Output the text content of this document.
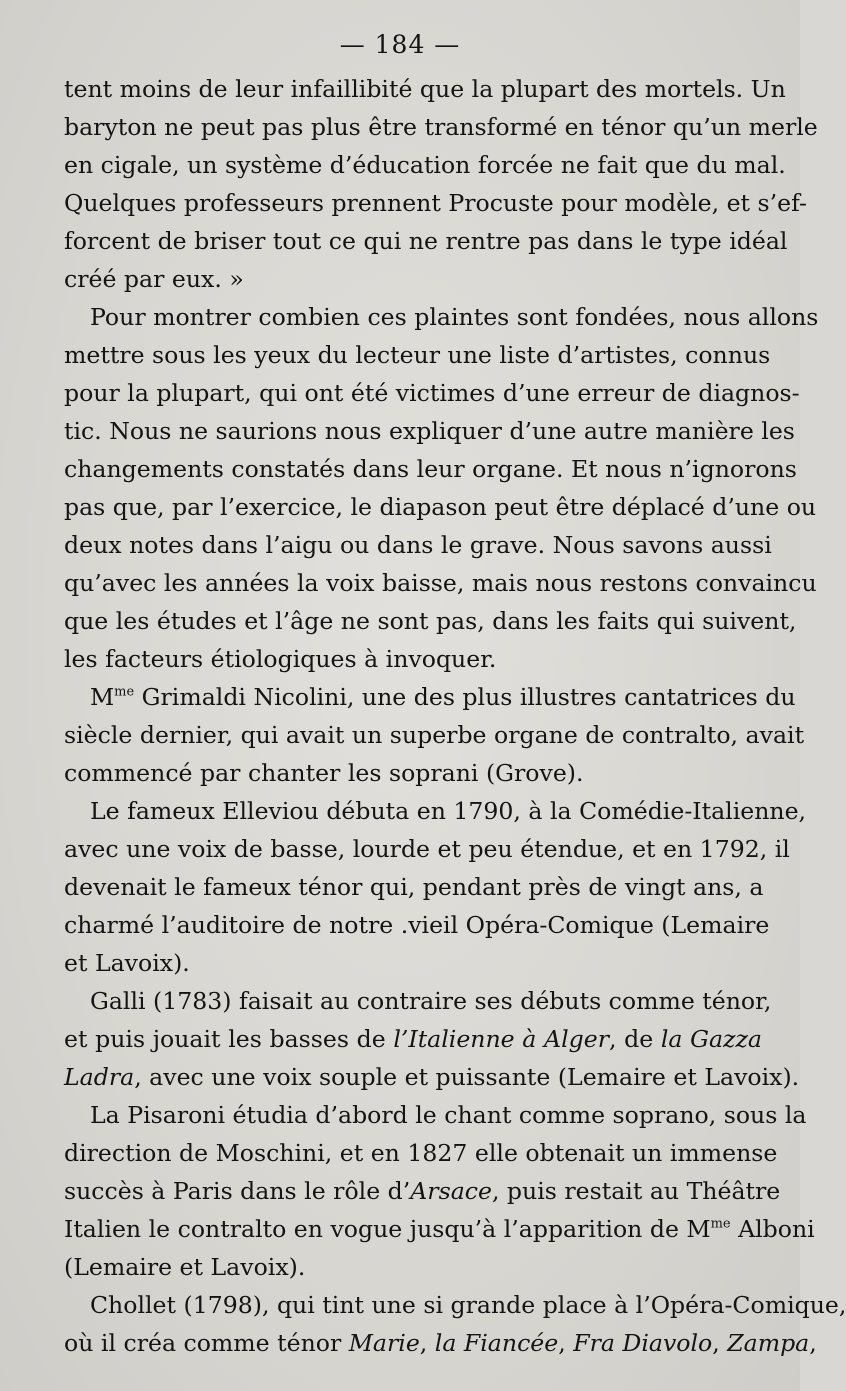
— 184 —
tent moins de leur infaillibité que la plupart des mortels. Un
baryton ne peut pas plus être transformé en ténor qu’un merle
en cigale, un système d’éducation forcée ne fait que du mal.
Quelques professeurs prennent Procuste pour modèle, et s’ef-
forcent de briser tout ce qui ne rentre pas dans le type idéal
créé par eux. »
Pour montrer combien ces plaintes sont fondées, nous allons
mettre sous les yeux du lecteur une liste d’artistes, connus
pour la plupart, qui ont été victimes d’une erreur de diagnos-
tic. Nous ne saurions nous expliquer d’une autre manière les
changements constatés dans leur organe. Et nous n’ignorons
pas que, par l’exercice, le diapason peut être déplacé d’une ou
deux notes dans l’aigu ou dans le grave. Nous savons aussi
qu’avec les années la voix baisse, mais nous restons convaincu
que les études et l’âge ne sont pas, dans les faits qui suivent,
les facteurs étiologiques à invoquer.
$M^{me}$ Grimaldi Nicolini, une des plus illustres cantatrices du
siècle dernier, qui avait un superbe organe de contralto, avait
commencé par chanter les soprani (Grove).
Le fameux Elleviou débuta en 1790, à la Comédie-Italienne,
avec une voix de basse, lourde et peu étendue, et en 1792, il
devenait le fameux ténor qui, pendant près de vingt ans, a
charmé l’auditoire de notre .vieil Opéra-Comique (Lemaire
et Lavoix).
Galli (1783) faisait au contraire ses débuts comme ténor,
et puis jouait les basses de l’Italienne à Alger, de la Gazza
Ladra, avec une voix souple et puissante (Lemaire et Lavoix).
La Pisaroni étudia d’abord le chant comme soprano, sous la
direction de Moschini, et en 1827 elle obtenait un immense
succès à Paris dans le rôle d’Arsace, puis restait au Théâtre
Italien le contralto en vogue jusqu’à l’apparition de $M^{me}$ Alboni
(Lemaire et Lavoix).
Chollet (1798), qui tint une si grande place à l’Opéra-Comique,
où il créa comme ténor Marie, la Fiancée, Fra Diavolo, Zampa,
